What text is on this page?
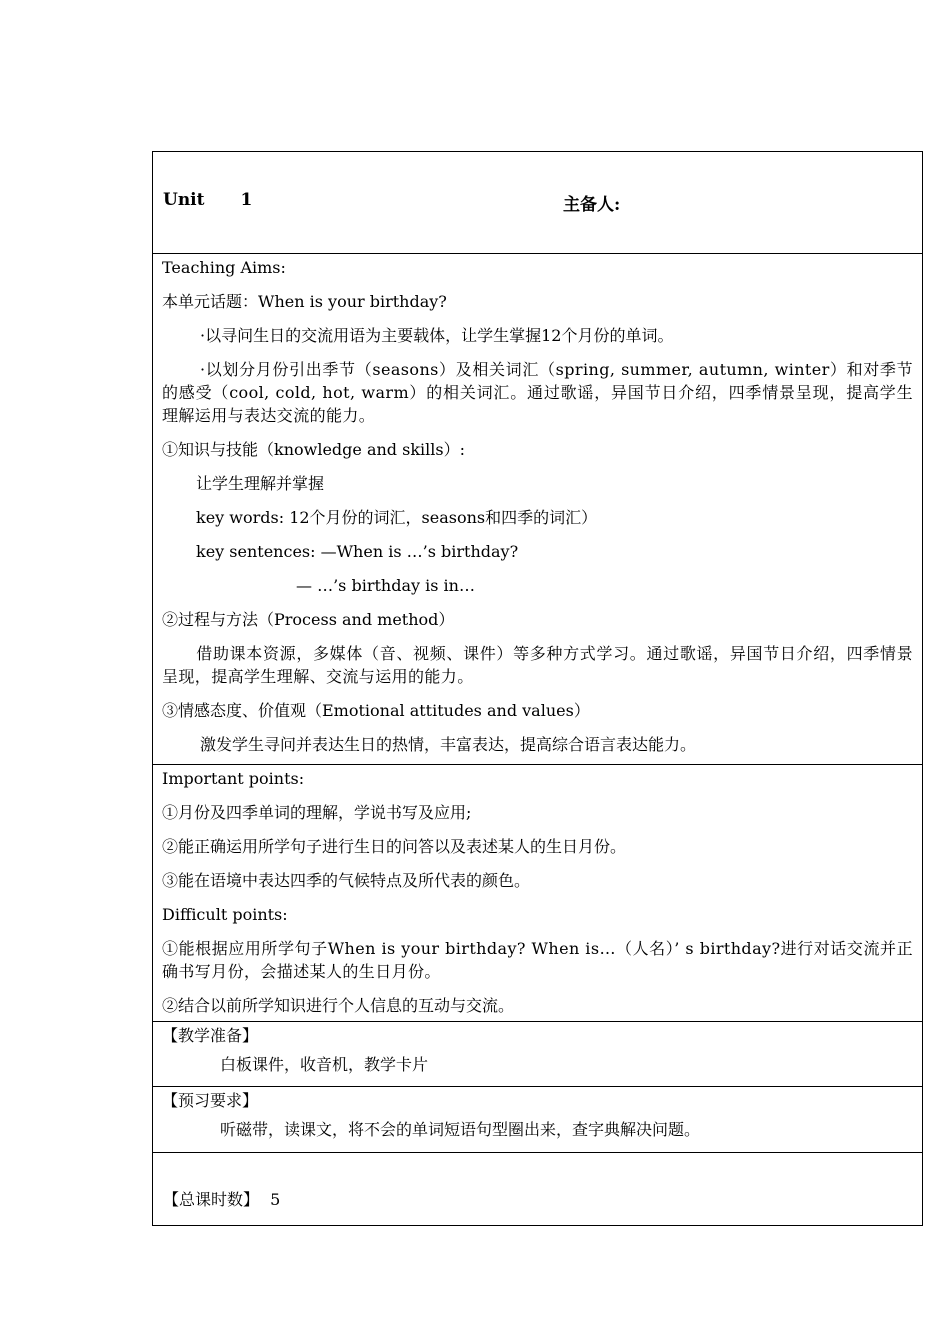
Unit 1	主备人:

Teaching Aims:

本单元话题：When is your birthday?

·以寻问生日的交流用语为主要载体，让学生掌握12个月份的单词。

·以划分月份引出季节（seasons）及相关词汇（spring, summer, autumn, winter）和对季节的感受（cool, cold, hot, warm）的相关词汇。通过歌谣，异国节日介绍，四季情景呈现，提高学生理解运用与表达交流的能力。

①知识与技能（knowledge and skills）:

让学生理解并掌握

key words: 12个月份的词汇，seasons和四季的词汇）

key sentences: —When is …’s birthday?

— …’s birthday is in…

②过程与方法（Process and method）

借助课本资源，多媒体（音、视频、课件）等多种方式学习。通过歌谣，异国节日介绍，四季情景呈现，提高学生理解、交流与运用的能力。

③情感态度、价值观（Emotional attitudes and values）

激发学生寻问并表达生日的热情，丰富表达，提高综合语言表达能力。

Important points:

①月份及四季单词的理解，学说书写及应用;

②能正确运用所学句子进行生日的问答以及表述某人的生日月份。

③能在语境中表达四季的气候特点及所代表的颜色。

Difficult points:

①能根据应用所学句子When is your birthday? When is…（人名）’ s birthday?进行对话交流并正确书写月份，会描述某人的生日月份。

②结合以前所学知识进行个人信息的互动与交流。

【教学准备】

白板课件，收音机，教学卡片

【预习要求】

听磁带，读课文，将不会的单词短语句型圈出来，查字典解决问题。

【总课时数】 5
